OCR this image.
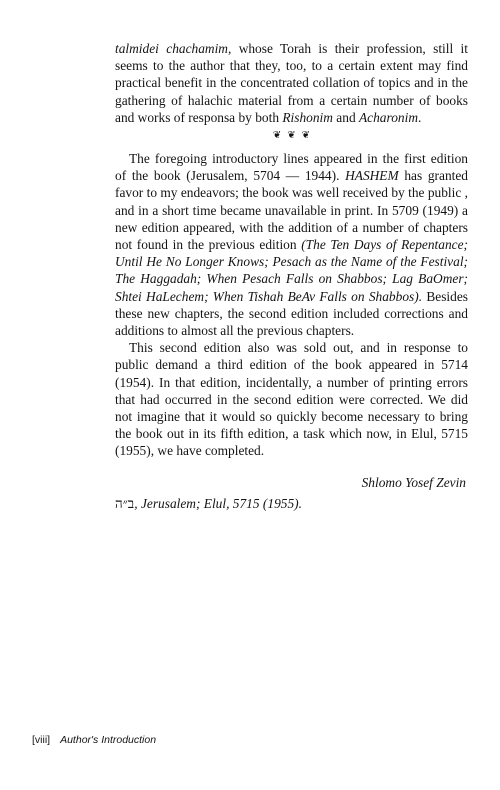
talmidei chachamim, whose Torah is their profession, still it seems to the author that they, too, to a certain extent may find practical benefit in the concentrated collation of topics and in the gathering of halachic material from a certain number of books and works of responsa by both Rishonim and Acharonim.

❦❦❦

The foregoing introductory lines appeared in the first edition of the book (Jerusalem, 5704 — 1944). HASHEM has granted favor to my endeavors; the book was well received by the public , and in a short time became unavailable in print. In 5709 (1949) a new edition appeared, with the addition of a number of chapters not found in the previous edition (The Ten Days of Repentance; Until He No Longer Knows; Pesach as the Name of the Festival; The Haggadah; When Pesach Falls on Shabbos; Lag BaOmer; Shtei HaLechem; When Tishah BeAv Falls on Shabbos). Besides these new chapters, the second edition included corrections and additions to almost all the previous chapters.

This second edition also was sold out, and in response to public demand a third edition of the book appeared in 5714 (1954). In that edition, incidentally, a number of printing errors that had occurred in the second edition were corrected. We did not imagine that it would so quickly become necessary to bring the book out in its fifth edition, a task which now, in Elul, 5715 (1955), we have completed.

Shlomo Yosef Zevin
ב״ה, Jerusalem; Elul, 5715 (1955).
[viii] Author's Introduction
